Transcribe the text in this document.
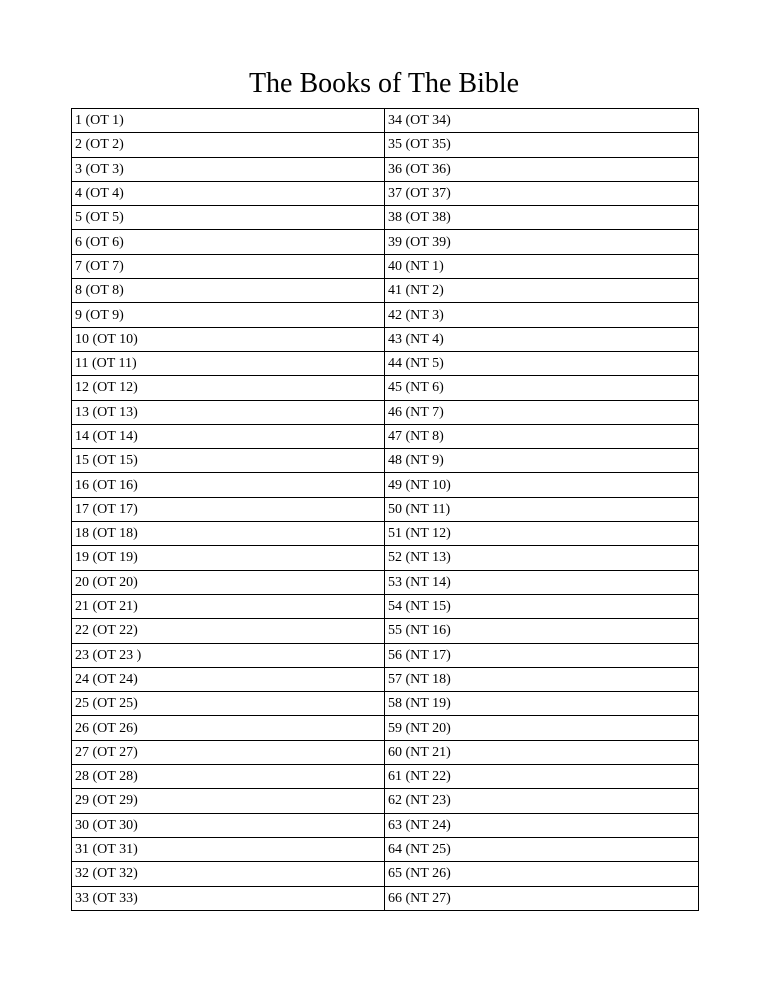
The Books of The Bible
1 (OT 1)	34 (OT 34)
2 (OT 2)	35 (OT 35)
3 (OT 3)	36 (OT 36)
4 (OT 4)	37 (OT 37)
5 (OT 5)	38 (OT 38)
6 (OT 6)	39 (OT 39)
7 (OT 7)	40 (NT 1)
8 (OT 8)	41 (NT 2)
9 (OT 9)	42 (NT 3)
10 (OT 10)	43 (NT 4)
11 (OT 11)	44 (NT 5)
12 (OT 12)	45 (NT 6)
13 (OT 13)	46 (NT 7)
14 (OT 14)	47 (NT 8)
15 (OT 15)	48 (NT 9)
16 (OT 16)	49 (NT 10)
17 (OT 17)	50 (NT 11)
18 (OT 18)	51 (NT 12)
19 (OT 19)	52 (NT 13)
20 (OT 20)	53 (NT 14)
21 (OT 21)	54 (NT 15)
22 (OT 22)	55 (NT 16)
23 (OT 23 )	56 (NT 17)
24 (OT 24)	57 (NT 18)
25 (OT 25)	58 (NT 19)
26 (OT 26)	59 (NT 20)
27 (OT 27)	60 (NT 21)
28 (OT 28)	61 (NT 22)
29 (OT 29)	62 (NT 23)
30 (OT 30)	63 (NT 24)
31 (OT 31)	64 (NT 25)
32 (OT 32)	65 (NT 26)
33 (OT 33)	66 (NT 27)
